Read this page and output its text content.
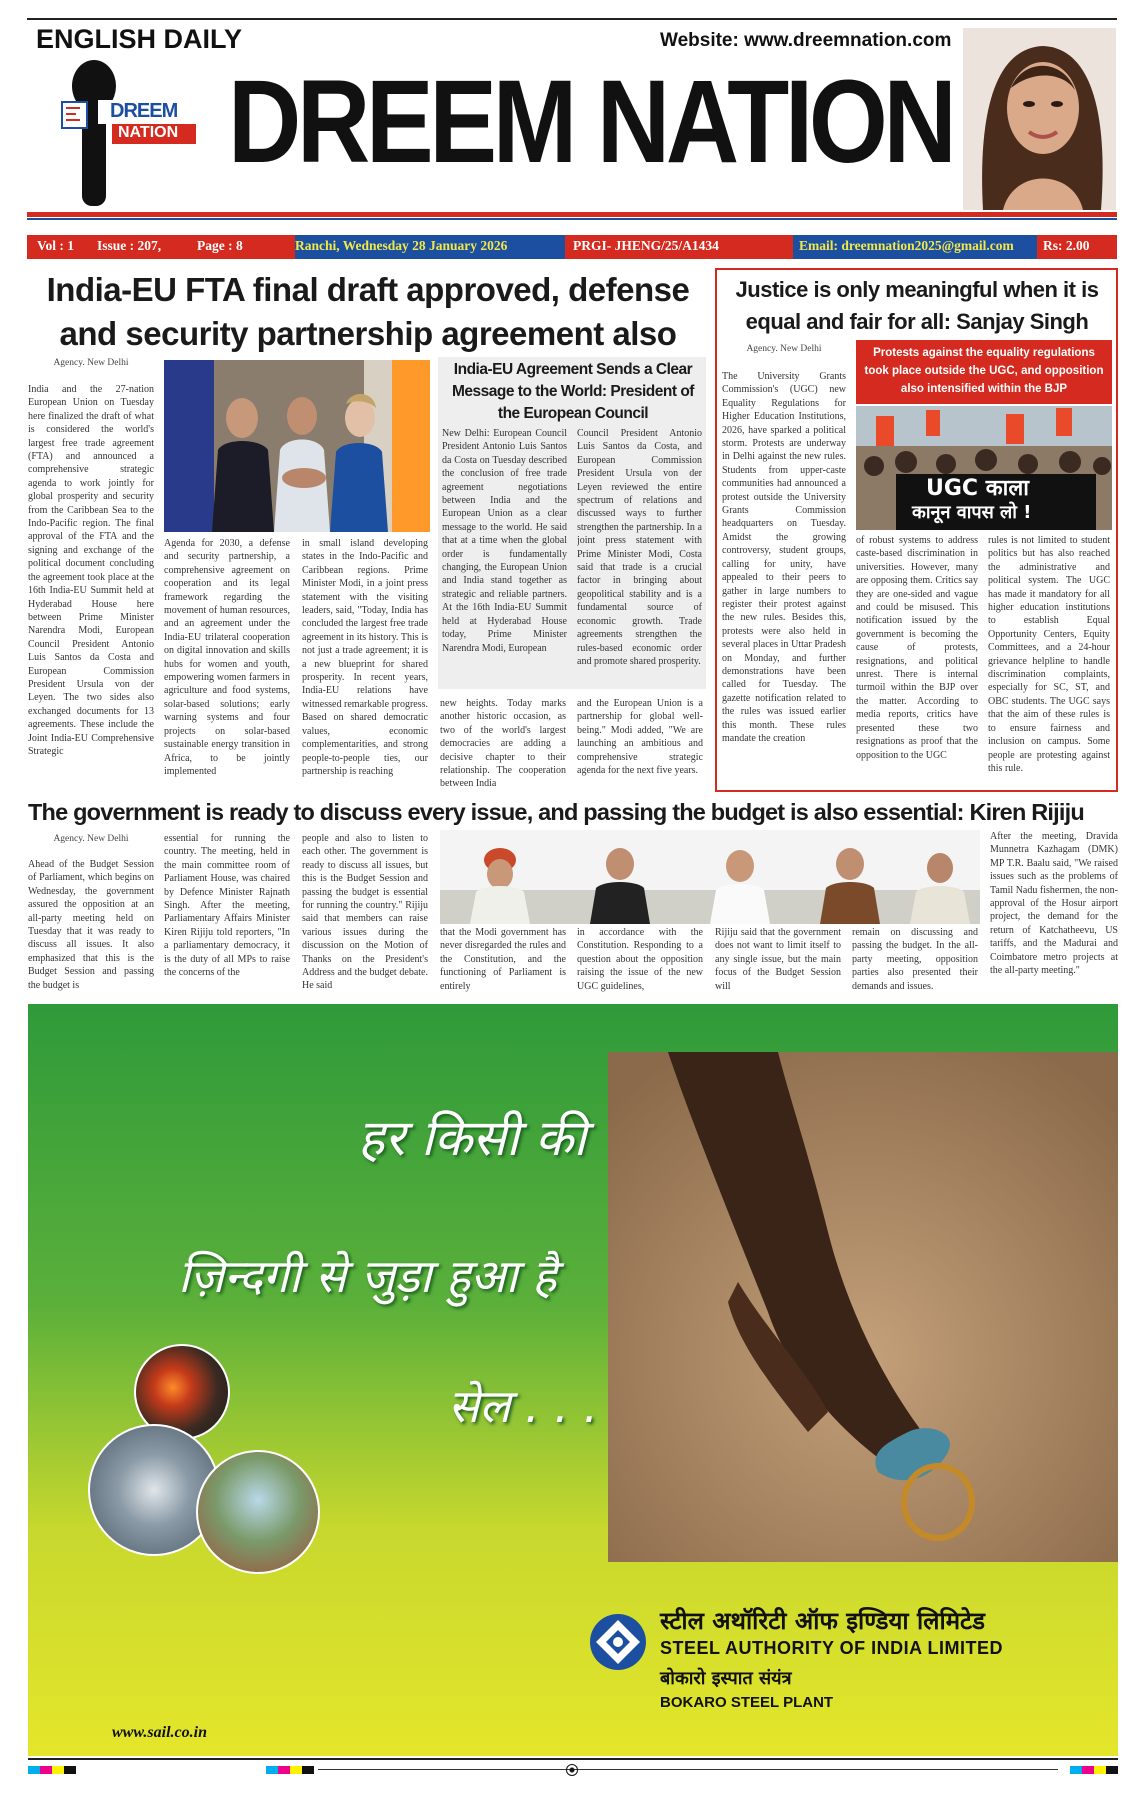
ENGLISH DAILY	Website: www.dreemnation.com
DREEM
NATION DREEM NATION
Vol : 1 Issue : 207,	Page : 8	Ranchi, Wednesday 28 January 2026	PRGI- JHENG/25/A1434	Email: dreemnation2025@gmail.com Rs: 2.00
India-EU FTA final draft approved, defense and security partnership agreement also
Agency. New Delhi
India and the 27-nation European Union on Tuesday here finalized the draft of what is considered the world's largest free trade agreement (FTA) and announced a comprehensive strategic agenda to work jointly for global prosperity and security from the Caribbean Sea to the Indo-Pacific region. The final approval of the FTA and the signing and exchange of the political document concluding the agreement took place at the 16th India-EU Summit held at Hyderabad House here between Prime Minister Narendra Modi, European Council President Antonio Luis Santos da Costa and European Commission President Ursula von der Leyen. The two sides also exchanged documents for 13 agreements. These include the Joint India-EU Comprehensive Strategic
India-EU Agreement Sends a Clear Message to the World: President of the European Council
New Delhi: European Council President Antonio Luis Santos da Costa on Tuesday described the conclusion of free trade agreement negotiations between India and the European Union as a clear message to the world. He said that at a time when the global order is fundamentally changing, the European Union and India stand together as strategic and reliable partners. At the 16th India-EU Summit held at Hyderabad House today, Prime Minister Narendra Modi, European
Council President Antonio Luis Santos da Costa, and European Commission President Ursula von der Leyen reviewed the entire spectrum of relations and discussed ways to further strengthen the partnership. In a joint press statement with Prime Minister Modi, Costa said that trade is a crucial factor in bringing about geopolitical stability and is a fundamental source of economic growth. Trade agreements strengthen the rules-based economic order and promote shared prosperity.
Agenda for 2030, a defense and security partnership, a comprehensive agreement on cooperation and its legal framework regarding the movement of human resources, and an agreement under the India-EU trilateral cooperation on digital innovation and skills hubs for women and youth, empowering women farmers in agriculture and food systems, solar-based solutions; early warning systems and four projects on solar-based sustainable energy transition in Africa, to be jointly implemented
in small island developing states in the Indo-Pacific and Caribbean regions. Prime Minister Modi, in a joint press statement with the visiting leaders, said, "Today, India has concluded the largest free trade agreement in its history. This is not just a trade agreement; it is a new blueprint for shared prosperity. In recent years, India-EU relations have witnessed remarkable progress. Based on shared democratic values, economic complementarities, and strong people-to-people ties, our partnership is reaching
new heights. Today marks another historic occasion, as two of the world's largest democracies are adding a decisive chapter to their relationship. The cooperation between India
and the European Union is a partnership for global well-being." Modi added, "We are launching an ambitious and comprehensive strategic agenda for the next five years.
Justice is only meaningful when it is equal and fair for all: Sanjay Singh
Agency. New Delhi
The University Grants Commission's (UGC) new Equality Regulations for Higher Education Institutions, 2026, have sparked a political storm. Protests are underway in Delhi against the new rules. Students from upper-caste communities had announced a protest outside the University Grants Commission headquarters on Tuesday. Amidst the growing controversy, student groups, calling for unity, have appealed to their peers to gather in large numbers to register their protest against the new rules. Besides this, protests were also held in several places in Uttar Pradesh on Monday, and further demonstrations have been called for Tuesday. The gazette notification related to the rules was issued earlier this month. These rules mandate the creation
Protests against the equality regulations took place outside the UGC, and opposition also intensified within the BJP
UGC काला
कानून वापस लो !
of robust systems to address caste-based discrimination in universities. However, many are opposing them. Critics say they are one-sided and vague and could be misused. This notification issued by the government is becoming the cause of protests, resignations, and political unrest. There is internal turmoil within the BJP over the matter. According to media reports, critics have presented these two resignations as proof that the opposition to the UGC
rules is not limited to student politics but has also reached the administrative and political system. The UGC has made it mandatory for all higher education institutions to establish Equal Opportunity Centers, Equity Committees, and a 24-hour grievance helpline to handle discrimination complaints, especially for SC, ST, and OBC students. The UGC says that the aim of these rules is to ensure fairness and inclusion on campus. Some people are protesting against this rule.
The government is ready to discuss every issue, and passing the budget is also essential: Kiren Rijiju
Agency. New Delhi
Ahead of the Budget Session of Parliament, which begins on Wednesday, the government assured the opposition at an all-party meeting held on Tuesday that it was ready to discuss all issues. It also emphasized that this is the Budget Session and passing the budget is
essential for running the country. The meeting, held in the main committee room of Parliament House, was chaired by Defence Minister Rajnath Singh. After the meeting, Parliamentary Affairs Minister Kiren Rijiju told reporters, "In a parliamentary democracy, it is the duty of all MPs to raise the concerns of the
people and also to listen to each other. The government is ready to discuss all issues, but this is the Budget Session and passing the budget is essential for running the country." Rijiju said that members can raise various issues during the discussion on the Motion of Thanks on the President's Address and the budget debate. He said
that the Modi government has never disregarded the rules and the Constitution, and the functioning of Parliament is entirely
in accordance with the Constitution. Responding to a question about the opposition raising the issue of the new UGC guidelines,
Rijiju said that the government does not want to limit itself to any single issue, but the main focus of the Budget Session will
remain on discussing and passing the budget. In the all-party meeting, opposition parties also presented their demands and issues.
After the meeting, Dravida Munnetra Kazhagam (DMK) MP T.R. Baalu said, "We raised issues such as the problems of Tamil Nadu fishermen, the non-approval of the Hosur airport project, the demand for the return of Katchatheevu, US tariffs, and the Madurai and Coimbatore metro projects at the all-party meeting."
हर किसी की
ज़िन्दगी से जुड़ा हुआ है
सेल . . .
स्टील अथॉरिटी ऑफ इण्डिया लिमिटेड
STEEL AUTHORITY OF INDIA LIMITED
बोकारो इस्पात संयंत्र
BOKARO STEEL PLANT
www.sail.co.in
